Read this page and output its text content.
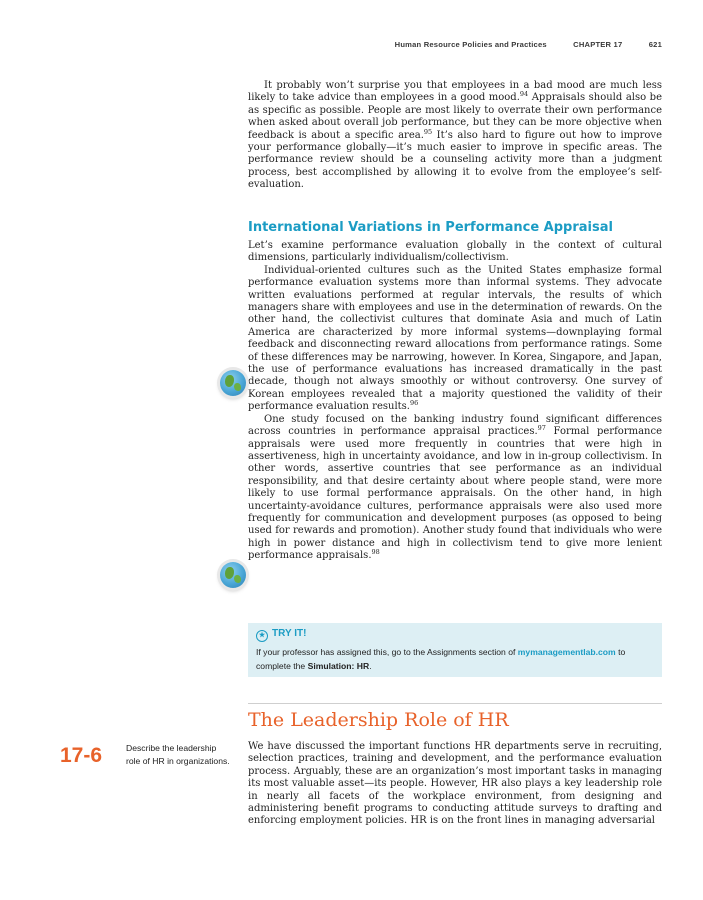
Human Resource Policies and Practices	CHAPTER 17	621

It probably won’t surprise you that employees in a bad mood are much less likely to take advice than employees in a good mood.$^{94}$ Appraisals should also be as specific as possible. People are most likely to overrate their own performance when asked about overall job performance, but they can be more objective when feedback is about a specific area.$^{95}$ It’s also hard to figure out how to improve your performance globally—it’s much easier to improve in specific areas. The performance review should be a counseling activity more than a judgment process, best accomplished by allowing it to evolve from the employee’s self-evaluation.

International Variations in Performance Appraisal

Let’s examine performance evaluation globally in the context of cultural dimensions, particularly individualism/collectivism.

Individual-oriented cultures such as the United States emphasize formal performance evaluation systems more than informal systems. They advocate written evaluations performed at regular intervals, the results of which managers share with employees and use in the determination of rewards. On the other hand, the collectivist cultures that dominate Asia and much of Latin America are characterized by more informal systems—downplaying formal feedback and disconnecting reward allocations from performance ratings. Some of these differences may be narrowing, however. In Korea, Singapore, and Japan, the use of performance evaluations has increased dramatically in the past decade, though not always smoothly or without controversy. One survey of Korean employees revealed that a majority questioned the validity of their performance evaluation results.$^{96}$

One study focused on the banking industry found significant differences across countries in performance appraisal practices.$^{97}$ Formal performance appraisals were used more frequently in countries that were high in assertiveness, high in uncertainty avoidance, and low in in-group collectivism. In other words, assertive countries that see performance as an individual responsibility, and that desire certainty about where people stand, were more likely to use formal performance appraisals. On the other hand, in high uncertainty-avoidance cultures, performance appraisals were also used more frequently for communication and development purposes (as opposed to being used for rewards and promotion). Another study found that individuals who were high in power distance and high in collectivism tend to give more lenient performance appraisals.$^{98}$

★ TRY IT!
If your professor has assigned this, go to the Assignments section of mymanagementlab.com to complete the Simulation: HR.
The Leadership Role of HR
17-6	Describe the leadership role of HR in organizations.

We have discussed the important functions HR departments serve in recruiting, selection practices, training and development, and the performance evaluation process. Arguably, these are an organization’s most important tasks in managing its most valuable asset—its people. However, HR also plays a key leadership role in nearly all facets of the workplace environment, from designing and administering benefit programs to conducting attitude surveys to drafting and enforcing employment policies. HR is on the front lines in managing adversarial
